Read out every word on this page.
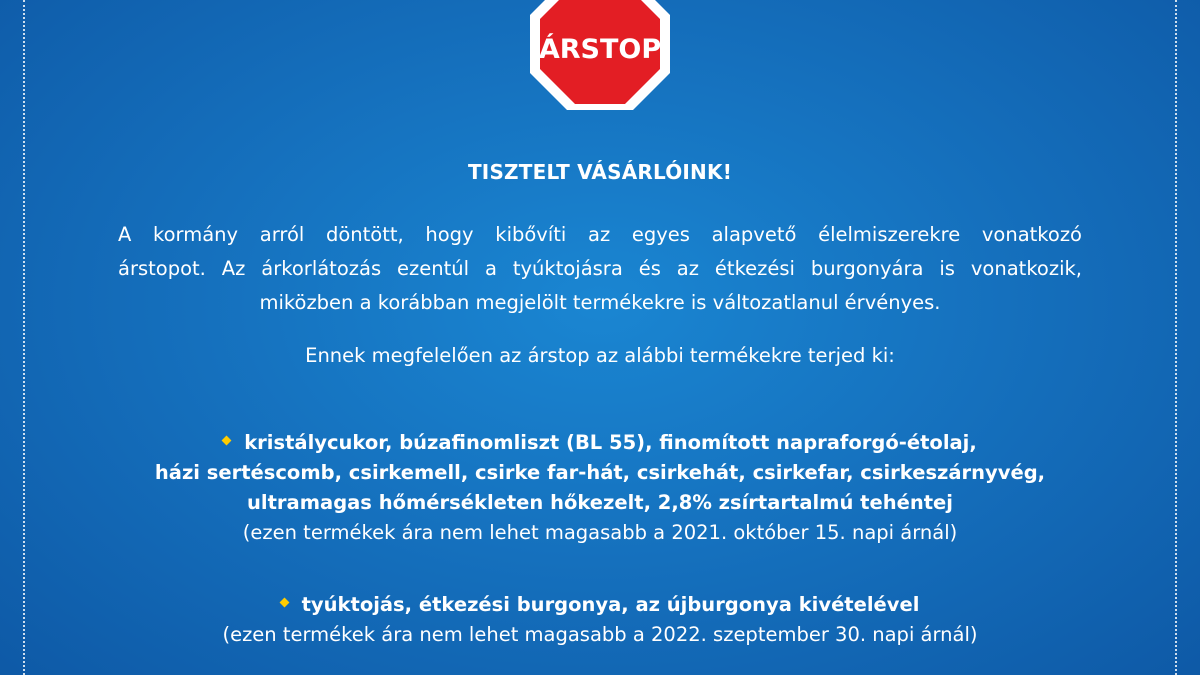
ÁRSTOP
TISZTELT VÁSÁRLÓINK!
A kormány arról döntött, hogy kibővíti az egyes alapvető élelmiszerekre vonatkozó
árstopot. Az árkorlátozás ezentúl a tyúktojásra és az étkezési burgonyára is vonatkozik,
miközben a korábban megjelölt termékekre is változatlanul érvényes.
Ennek megfelelően az árstop az alábbi termékekre terjed ki:
kristálycukor, búzafinomliszt (BL 55), finomított napraforgó-étolaj,
házi sertéscomb, csirkemell, csirke far-hát, csirkehát, csirkefar, csirkeszárnyvég,
ultramagas hőmérsékleten hőkezelt, 2,8% zsírtartalmú tehéntej
(ezen termékek ára nem lehet magasabb a 2021. október 15. napi árnál)
tyúktojás, étkezési burgonya, az újburgonya kivételével
(ezen termékek ára nem lehet magasabb a 2022. szeptember 30. napi árnál)
